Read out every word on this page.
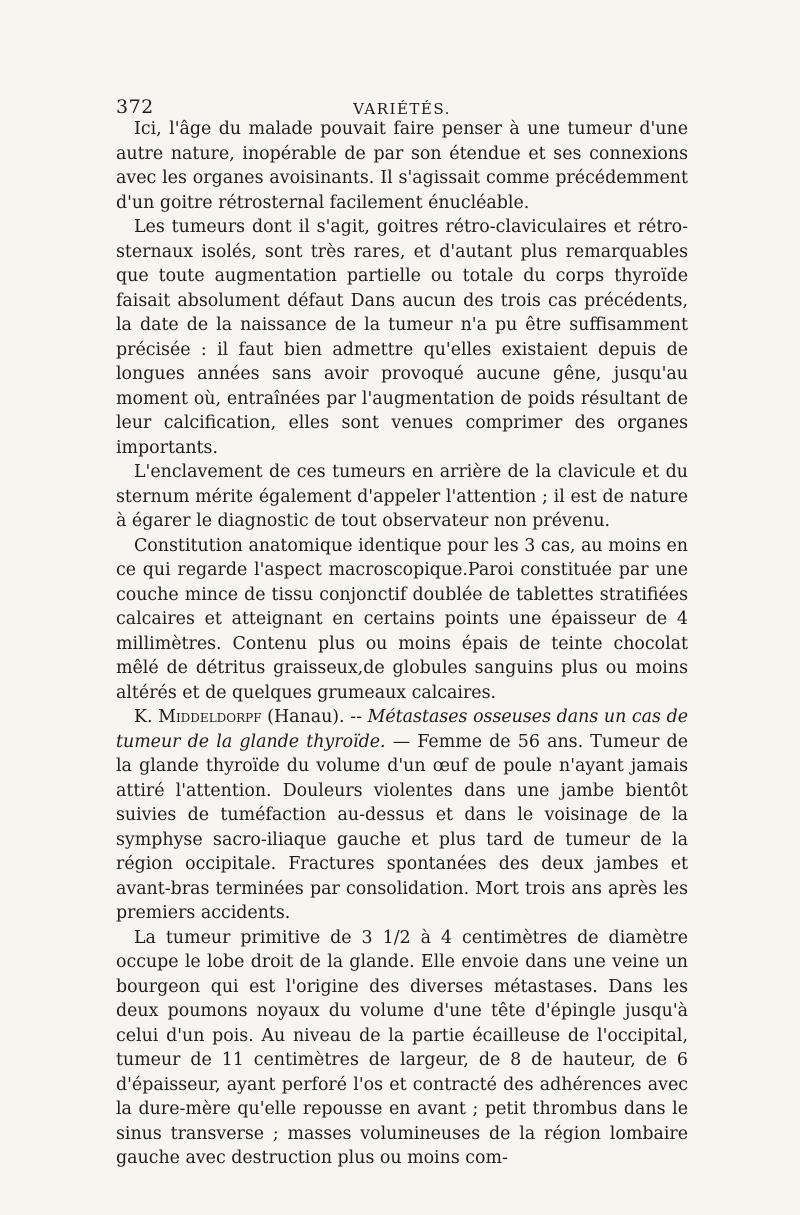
372	VARIÉTÉS.

Ici, l'âge du malade pouvait faire penser à une tumeur d'une autre nature, inopérable de par son étendue et ses connexions avec les organes avoisinants. Il s'agissait comme précédemment d'un goitre rétrosternal facilement énucléable.

Les tumeurs dont il s'agit, goitres rétro-claviculaires et rétro-sternaux isolés, sont très rares, et d'autant plus remarquables que toute augmentation partielle ou totale du corps thyroïde faisait absolument défaut Dans aucun des trois cas précédents, la date de la naissance de la tumeur n'a pu être suffisamment précisée : il faut bien admettre qu'elles existaient depuis de longues années sans avoir provoqué aucune gêne, jusqu'au moment où, entraînées par l'augmentation de poids résultant de leur calcification, elles sont venues comprimer des organes importants.

L'enclavement de ces tumeurs en arrière de la clavicule et du sternum mérite également d'appeler l'attention ; il est de nature à égarer le diagnostic de tout observateur non prévenu.

Constitution anatomique identique pour les 3 cas, au moins en ce qui regarde l'aspect macroscopique.Paroi constituée par une couche mince de tissu conjonctif doublée de tablettes stratifiées calcaires et atteignant en certains points une épaisseur de 4 millimètres. Contenu plus ou moins épais de teinte chocolat mêlé de détritus graisseux,de globules sanguins plus ou moins altérés et de quelques grumeaux calcaires.

K. Middeldorpf (Hanau). -- Métastases osseuses dans un cas de tumeur de la glande thyroïde. — Femme de 56 ans. Tumeur de la glande thyroïde du volume d'un œuf de poule n'ayant jamais attiré l'attention. Douleurs violentes dans une jambe bientôt suivies de tuméfaction au-dessus et dans le voisinage de la symphyse sacro-iliaque gauche et plus tard de tumeur de la région occipitale. Fractures spontanées des deux jambes et avant-bras terminées par consolidation. Mort trois ans après les premiers accidents.

La tumeur primitive de 3 1/2 à 4 centimètres de diamètre occupe le lobe droit de la glande. Elle envoie dans une veine un bourgeon qui est l'origine des diverses métastases. Dans les deux poumons noyaux du volume d'une tête d'épingle jusqu'à celui d'un pois. Au niveau de la partie écailleuse de l'occipital, tumeur de 11 centimètres de largeur, de 8 de hauteur, de 6 d'épaisseur, ayant perforé l'os et contracté des adhérences avec la dure-mère qu'elle repousse en avant ; petit thrombus dans le sinus transverse ; masses volumineuses de la région lombaire gauche avec destruction plus ou moins com-
